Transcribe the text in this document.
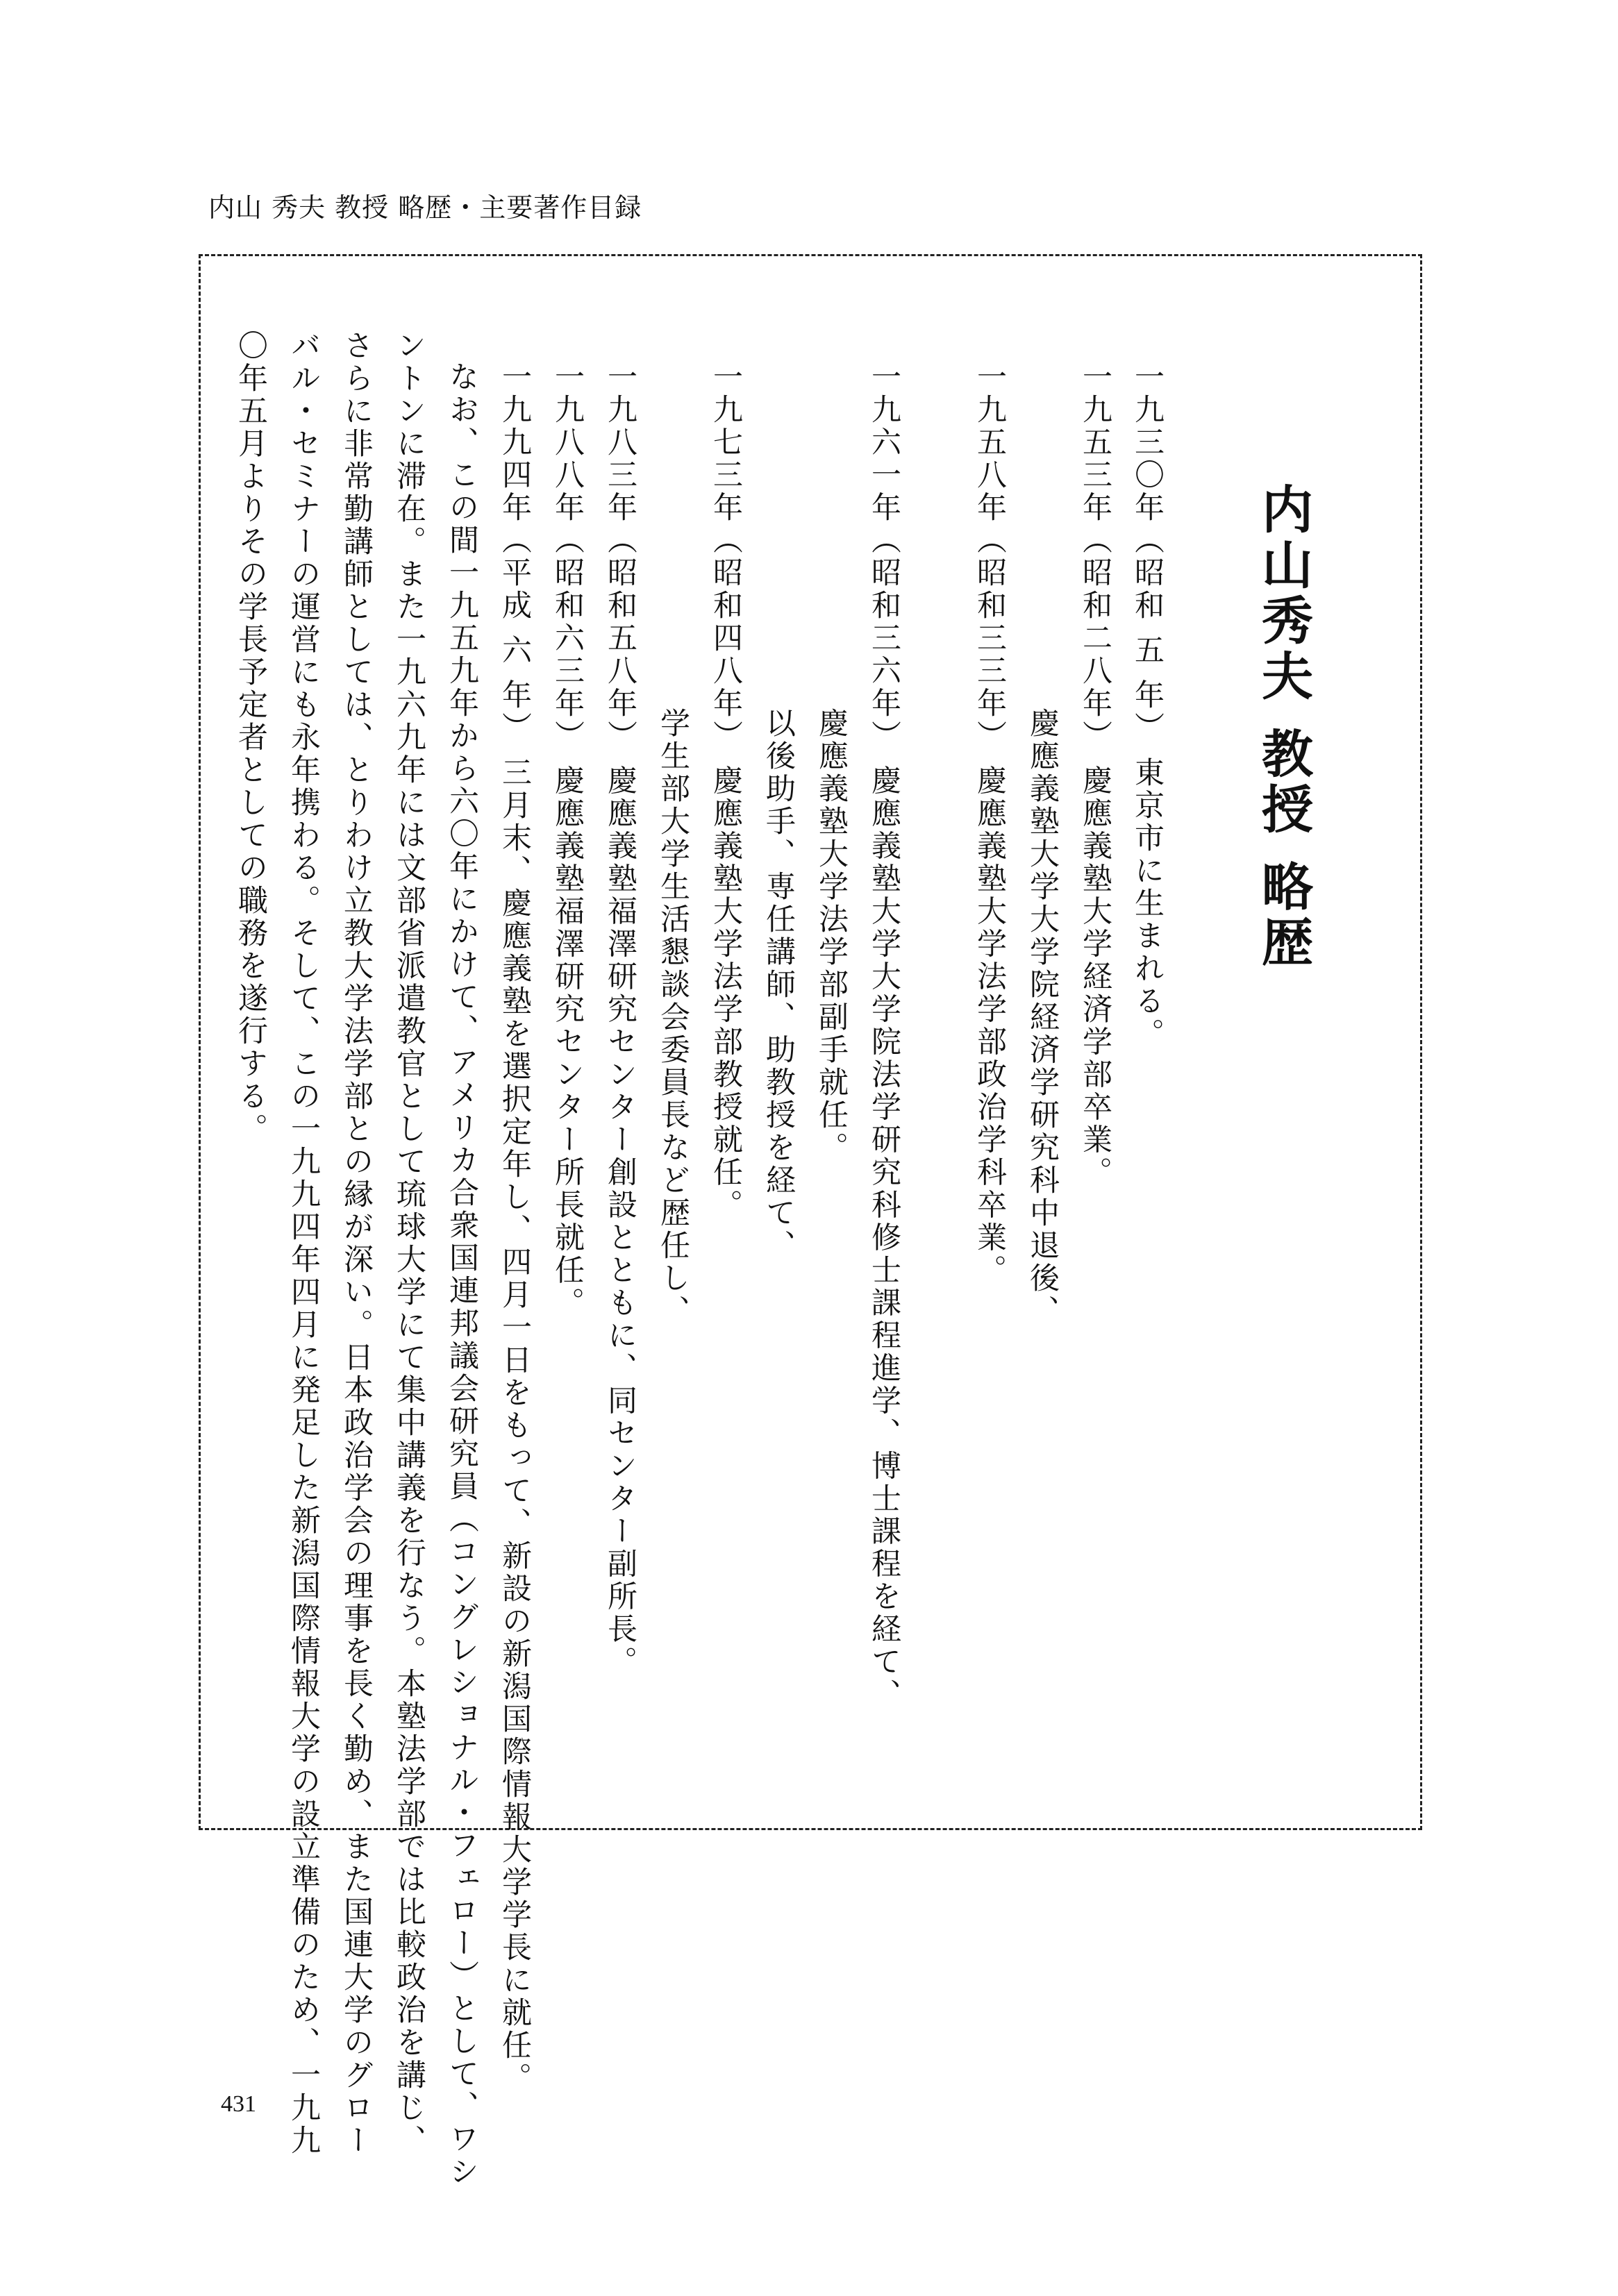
内山 秀夫 教授 略歴・主要著作目録
内山秀夫 教授 略歴
一九三〇年（昭和 五 年） 東京市に生まれる。
一九五三年（昭和二八年） 慶應義塾大学経済学部卒業。
慶應義塾大学大学院経済学研究科中退後、
一九五八年（昭和三三年） 慶應義塾大学法学部政治学科卒業。
一九六一年（昭和三六年） 慶應義塾大学大学院法学研究科修士課程進学、博士課程を経て、
慶應義塾大学法学部副手就任。
以後助手、専任講師、助教授を経て、
一九七三年（昭和四八年） 慶應義塾大学法学部教授就任。
学生部大学生活懇談会委員長など歴任し、
一九八三年（昭和五八年） 慶應義塾福澤研究センター創設とともに、同センター副所長。
一九八八年（昭和六三年） 慶應義塾福澤研究センター所長就任。
一九九四年（平成 六 年） 三月末、慶應義塾を選択定年し、四月一日をもって、新設の新潟国際情報大学学長に就任。
なお、この間一九五九年から六〇年にかけて、アメリカ合衆国連邦議会研究員（コングレショナル・フェロー）として、ワシ
ントンに滞在。また一九六九年には文部省派遣教官として琉球大学にて集中講義を行なう。本塾法学部では比較政治を講じ、
さらに非常勤講師としては、とりわけ立教大学法学部との縁が深い。日本政治学会の理事を長く勤め、また国連大学のグロー
バル・セミナーの運営にも永年携わる。そして、この一九九四年四月に発足した新潟国際情報大学の設立準備のため、一九九
〇年五月よりその学長予定者としての職務を遂行する。
431
